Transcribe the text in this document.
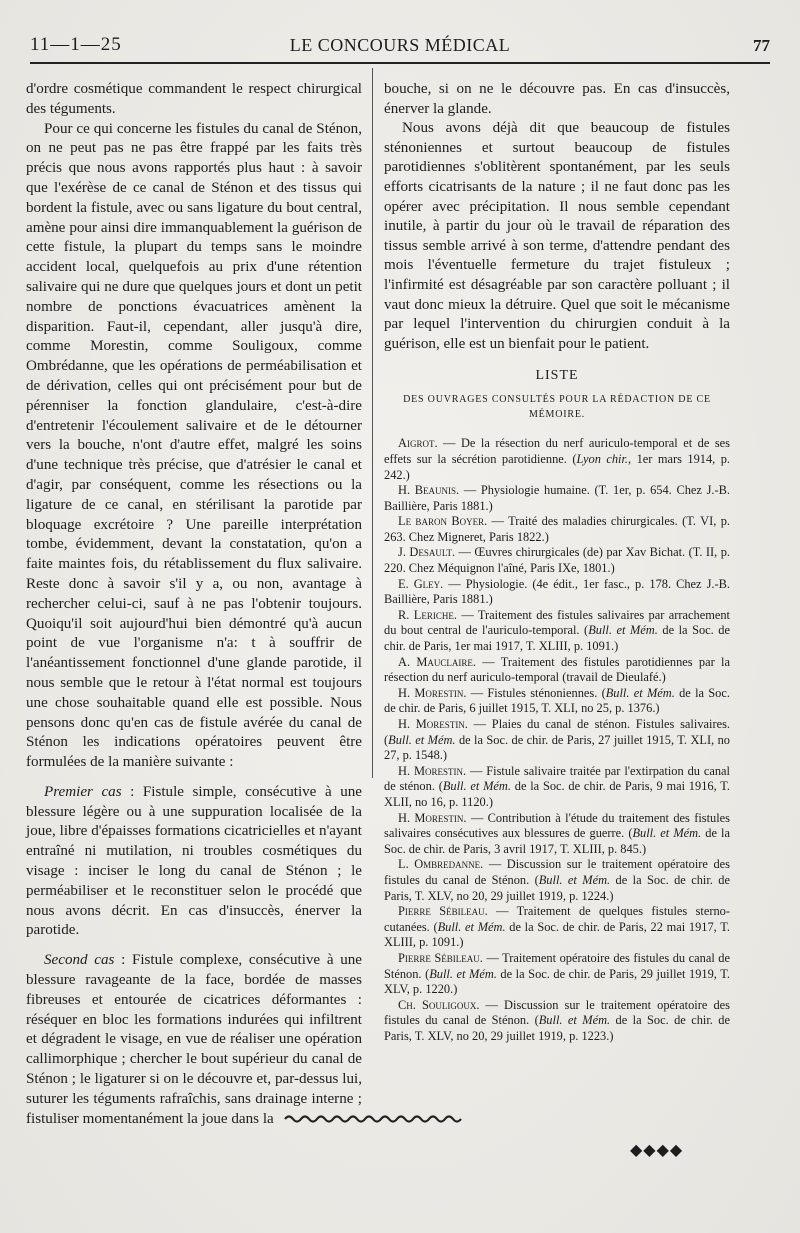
11—1—25	LE CONCOURS MÉDICAL	77

d'ordre cosmétique commandent le respect chirurgical des téguments.

Pour ce qui concerne les fistules du canal de Sténon, on ne peut pas ne pas être frappé par les faits très précis que nous avons rapportés plus haut : à savoir que l'exérèse de ce canal de Sténon et des tissus qui bordent la fistule, avec ou sans ligature du bout central, amène pour ainsi dire immanquablement la guérison de cette fistule, la plupart du temps sans le moindre accident local, quelquefois au prix d'une rétention salivaire qui ne dure que quelques jours et dont un petit nombre de ponctions évacuatrices amènent la disparition. Faut-il, cependant, aller jusqu'à dire, comme Morestin, comme Souligoux, comme Ombrédanne, que les opérations de perméabilisation et de dérivation, celles qui ont précisément pour but de pérenniser la fonction glandulaire, c'est-à-dire d'entretenir l'écoulement salivaire et de le détourner vers la bouche, n'ont d'autre effet, malgré les soins d'une technique très précise, que d'atrésier le canal et d'agir, par conséquent, comme les résections ou la ligature de ce canal, en stérilisant la parotide par bloquage excrétoire ? Une pareille interprétation tombe, évidemment, devant la constatation, qu'on a faite maintes fois, du rétablissement du flux salivaire. Reste donc à savoir s'il y a, ou non, avantage à rechercher celui-ci, sauf à ne pas l'obtenir toujours. Quoiqu'il soit aujourd'hui bien démontré qu'à aucun point de vue l'organisme n'a: t à souffrir de l'anéantissement fonctionnel d'une glande parotide, il nous semble que le retour à l'état normal est toujours une chose souhaitable quand elle est possible. Nous pensons donc qu'en cas de fistule avérée du canal de Sténon les indications opératoires peuvent être formulées de la manière suivante :

Premier cas : Fistule simple, consécutive à une blessure légère ou à une suppuration localisée de la joue, libre d'épaisses formations cicatricielles et n'ayant entraîné ni mutilation, ni troubles cosmétiques du visage : inciser le long du canal de Sténon ; le perméabiliser et le reconstituer selon le procédé que nous avons décrit. En cas d'insuccès, énerver la parotide.

Second cas : Fistule complexe, consécutive à une blessure ravageante de la face, bordée de masses fibreuses et entourée de cicatrices déformantes : réséquer en bloc les formations indurées qui infiltrent et dégradent le visage, en vue de réaliser une opération callimorphique ; chercher le bout supérieur du canal de Sténon ; le ligaturer si on le découvre et, par-dessus lui, suturer les téguments rafraîchis, sans drainage interne ; fistuliser momentanément la joue dans la

bouche, si on ne le découvre pas. En cas d'insuccès, énerver la glande.

Nous avons déjà dit que beaucoup de fistules sténoniennes et surtout beaucoup de fistules parotidiennes s'oblitèrent spontanément, par les seuls efforts cicatrisants de la nature ; il ne faut donc pas les opérer avec précipitation. Il nous semble cependant inutile, à partir du jour où le travail de réparation des tissus semble arrivé à son terme, d'attendre pendant des mois l'éventuelle fermeture du trajet fistuleux ; l'infirmité est désagréable par son caractère polluant ; il vaut donc mieux la détruire. Quel que soit le mécanisme par lequel l'intervention du chirurgien conduit à la guérison, elle est un bienfait pour le patient.

LISTE
DES OUVRAGES CONSULTÉS POUR LA RÉDACTION DE CE MÉMOIRE.

Aigrot. — De la résection du nerf auriculo-temporal et de ses effets sur la sécrétion parotidienne. (Lyon chir., 1er mars 1914, p. 242.)

H. Beaunis. — Physiologie humaine. (T. 1er, p. 654. Chez J.-B. Baillière, Paris 1881.)

Le baron Boyer. — Traité des maladies chirurgicales. (T. VI, p. 263. Chez Migneret, Paris 1822.)

J. Desault. — Œuvres chirurgicales (de) par Xav Bichat. (T. II, p. 220. Chez Méquignon l'aîné, Paris IXe, 1801.)

E. Gley. — Physiologie. (4e édit., 1er fasc., p. 178. Chez J.-B. Baillière, Paris 1881.)

R. Leriche. — Traitement des fistules salivaires par arrachement du bout central de l'auriculo-temporal. (Bull. et Mém. de la Soc. de chir. de Paris, 1er mai 1917, T. XLIII, p. 1091.)

A. Mauclaire. — Traitement des fistules parotidiennes par la résection du nerf auriculo-temporal (travail de Dieulafé.)

H. Morestin. — Fistules sténoniennes. (Bull. et Mém. de la Soc. de chir. de Paris, 6 juillet 1915, T. XLI, no 25, p. 1376.)

H. Morestin. — Plaies du canal de sténon. Fistules salivaires. (Bull. et Mém. de la Soc. de chir. de Paris, 27 juillet 1915, T. XLI, no 27, p. 1548.)

H. Morestin. — Fistule salivaire traitée par l'extirpation du canal de sténon. (Bull. et Mém. de la Soc. de chir. de Paris, 9 mai 1916, T. XLII, no 16, p. 1120.)

H. Morestin. — Contribution à l'étude du traitement des fistules salivaires consécutives aux blessures de guerre. (Bull. et Mém. de la Soc. de chir. de Paris, 3 avril 1917, T. XLIII, p. 845.)

L. Ombredanne. — Discussion sur le traitement opératoire des fistules du canal de Sténon. (Bull. et Mém. de la Soc. de chir. de Paris, T. XLV, no 20, 29 juillet 1919, p. 1224.)

Pierre Sébileau. — Traitement de quelques fistules sterno-cutanées. (Bull. et Mém. de la Soc. de chir. de Paris, 22 mai 1917, T. XLIII, p. 1091.)

Pierre Sébileau. — Traitement opératoire des fistules du canal de Sténon. (Bull. et Mém. de la Soc. de chir. de Paris, 29 juillet 1919, T. XLV, p. 1220.)

Ch. Souligoux. — Discussion sur le traitement opératoire des fistules du canal de Sténon. (Bull. et Mém. de la Soc. de chir. de Paris, T. XLV, no 20, 29 juillet 1919, p. 1223.)

◆◆◆◆
